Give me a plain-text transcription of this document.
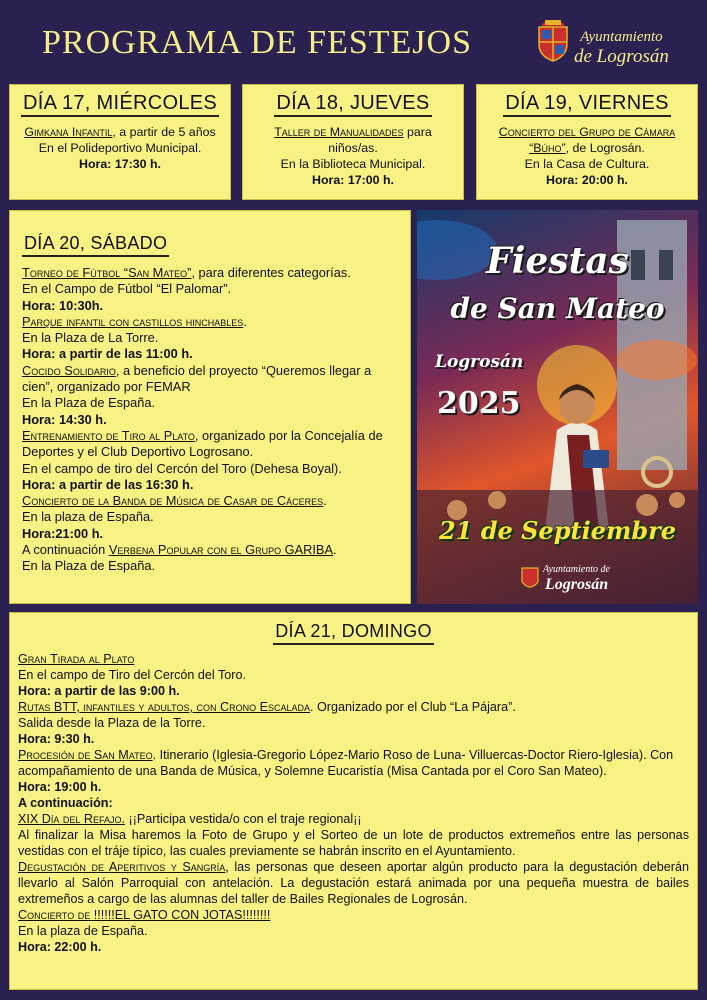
PROGRAMA DE FESTEJOS	Ayuntamiento
de Logrosán
DÍA 17, MIÉRCOLES
Gimkana Infantil, a partir de 5 años
En el Polideportivo Municipal.
Hora: 17:30 h.
DÍA 18, JUEVES
Taller de Manualidades para niños/as.
En la Biblioteca Municipal.
Hora: 17:00 h.
DÍA 19, VIERNES
Concierto del Grupo de Cámara “Búho”, de Logrosán.
En la Casa de Cultura.
Hora: 20:00 h.
DÍA 20, SÁBADO
Torneo de Fútbol “San Mateo”, para diferentes categorías.
En el Campo de Fútbol “El Palomar”.
Hora: 10:30h.
Parque infantil con castillos hinchables.
En la Plaza de La Torre.
Hora: a partir de las 11:00 h.
Cocido Solidario, a beneficio del proyecto “Queremos llegar a cien”, organizado por FEMAR
En la Plaza de España.
Hora: 14:30 h.
Entrenamiento de Tiro al Plato, organizado por la Concejalía de Deportes y el Club Deportivo Logrosano.
En el campo de tiro del Cercón del Toro (Dehesa Boyal).
Hora: a partir de las 16:30 h.
Concierto de la Banda de Música de Casar de Cáceres.
En la plaza de España.
Hora:21:00 h.
A continuación Verbena Popular con el Grupo GARIBA.
En la Plaza de España.
Fiestas
de San Mateo
Logrosán
2025
21 de Septiembre
Ayuntamiento de
Logrosán
DÍA 21, DOMINGO
Gran Tirada al Plato
En el campo de Tiro del Cercón del Toro.
Hora: a partir de las 9:00 h.
Rutas BTT, infantiles y adultos, con Crono Escalada. Organizado por el Club “La Pájara”.
Salida desde la Plaza de la Torre.
Hora: 9:30 h.
Procesión de San Mateo. Itinerario (Iglesia-Gregorio López-Mario Roso de Luna- Villuercas-Doctor Riero-Iglesia). Con acompañamiento de una Banda de Música, y Solemne Eucaristía (Misa Cantada por el Coro San Mateo).
Hora: 19:00 h.
A continuación:
XIX Día del Refajo. ¡¡Participa vestida/o con el traje regional¡¡
Al finalizar la Misa haremos la Foto de Grupo y el Sorteo de un lote de productos extremeños entre las personas vestidas con el tráje típico, las cuales previamente se habrán inscrito en el Ayuntamiento.
Degustación de Aperitivos y Sangría, las personas que deseen aportar algún producto para la degustación deberán llevarlo al Salón Parroquial con antelación. La degustación estará animada por una pequeña muestra de bailes extremeños a cargo de las alumnas del taller de Bailes Regionales de Logrosán.
Concierto de !!!!!!EL GATO CON JOTAS!!!!!!!!
En la plaza de España.
Hora: 22:00 h.
